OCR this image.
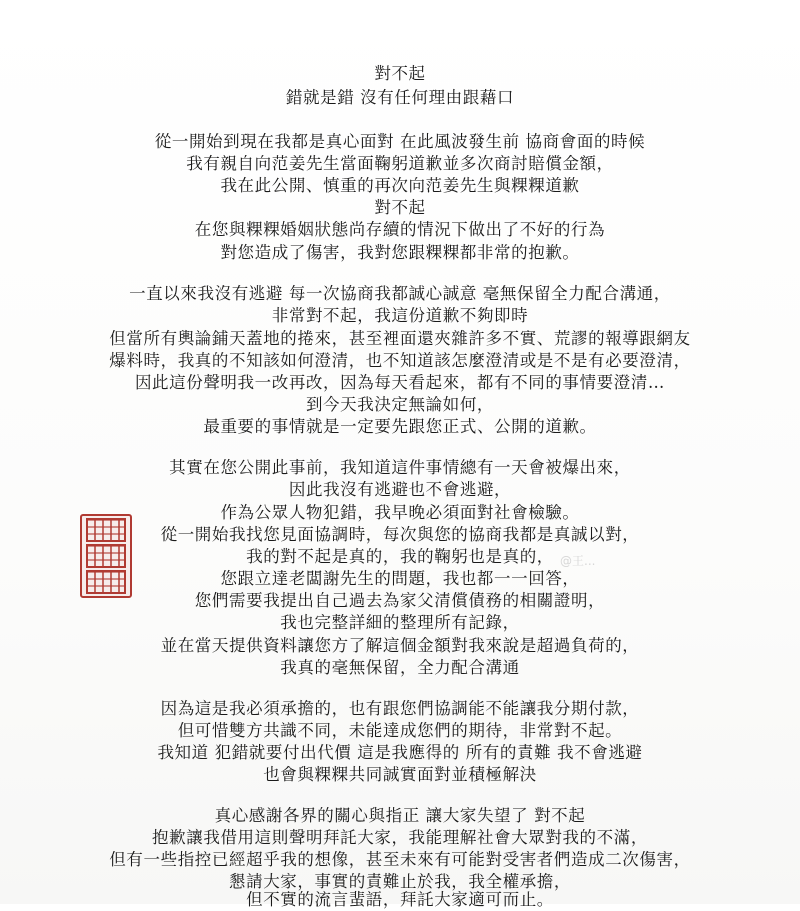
對不起
錯就是錯 沒有任何理由跟藉口
從一開始到現在我都是真心面對 在此風波發生前 協商會面的時候
我有親自向范姜先生當面鞠躬道歉並多次商討賠償金額，
我在此公開、慎重的再次向范姜先生與粿粿道歉
對不起
在您與粿粿婚姻狀態尚存續的情況下做出了不好的行為
對您造成了傷害，我對您跟粿粿都非常的抱歉。
一直以來我沒有逃避 每一次協商我都誠心誠意 毫無保留全力配合溝通，
非常對不起，我這份道歉不夠即時
但當所有輿論鋪天蓋地的捲來，甚至裡面還夾雜許多不實、荒謬的報導跟網友
爆料時，我真的不知該如何澄清，也不知道該怎麼澄清或是不是有必要澄清，
因此這份聲明我一改再改，因為每天看起來，都有不同的事情要澄清…
到今天我決定無論如何，
最重要的事情就是一定要先跟您正式、公開的道歉。
其實在您公開此事前，我知道這件事情總有一天會被爆出來，
因此我沒有逃避也不會逃避，
作為公眾人物犯錯，我早晚必須面對社會檢驗。
從一開始我找您見面協調時，每次與您的協商我都是真誠以對，
我的對不起是真的，我的鞠躬也是真的，
您跟立達老闆謝先生的問題，我也都一一回答，
您們需要我提出自己過去為家父清償債務的相關證明，
我也完整詳細的整理所有記錄，
並在當天提供資料讓您方了解這個金額對我來說是超過負荷的，
我真的毫無保留，全力配合溝通
因為這是我必須承擔的，也有跟您們協調能不能讓我分期付款，
但可惜雙方共識不同，未能達成您們的期待，非常對不起。
我知道 犯錯就要付出代價 這是我應得的 所有的責難 我不會逃避
也會與粿粿共同誠實面對並積極解決
真心感謝各界的關心與指正 讓大家失望了 對不起
抱歉讓我借用這則聲明拜託大家，我能理解社會大眾對我的不滿，
但有一些指控已經超乎我的想像，甚至未來有可能對受害者們造成二次傷害，
懇請大家，事實的責難止於我，我全權承擔，
但不實的流言蜚語，拜託大家適可而止。
@王...
